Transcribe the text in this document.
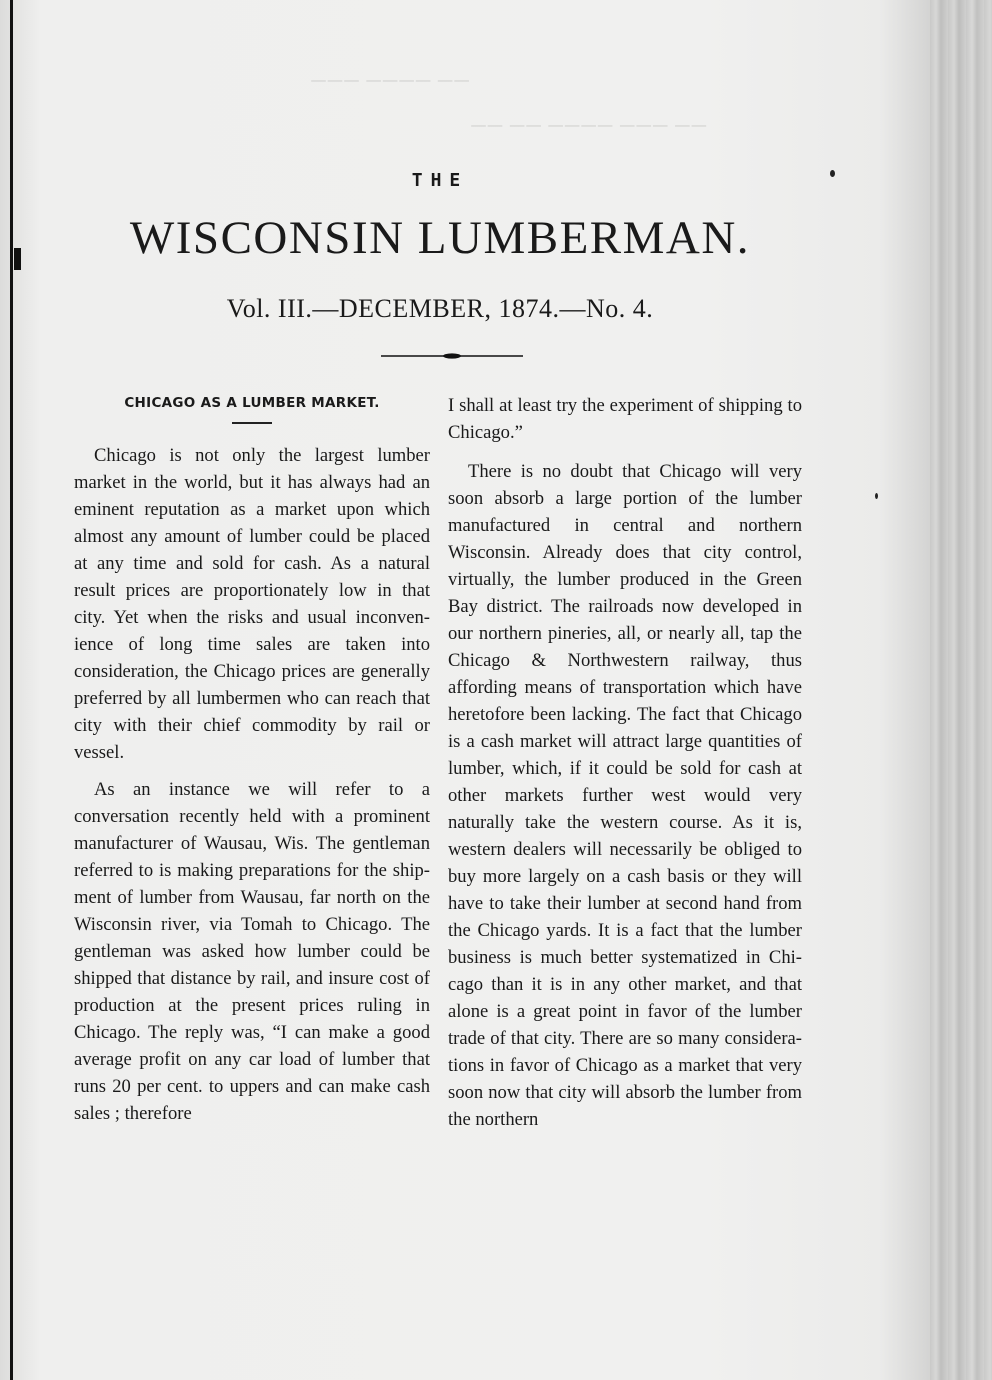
⁠⁠—— ———— ———
—— ——— ———— —— ——
THE
WISCONSIN LUMBERMAN.
Vol. III.—DECEMBER, 1874.—No. 4.
CHICAGO AS A LUMBER MARKET.

Chicago is not only the largest lumber market in the world, but it has always had an eminent reputation as a market upon which almost any amount of lumber could be placed at any time and sold for cash. As a natural result prices are proportionately low in that city. Yet when the risks and usual inconvenience of long time sales are taken into consideration, the Chicago prices are generally preferred by all lumbermen who can reach that city with their chief commodity by rail or vessel.

As an instance we will refer to a conversation recently held with a prominent manufacturer of Wausau, Wis. The gentleman referred to is making preparations for the shipment of lumber from Wausau, far north on the Wisconsin river, via Tomah to Chicago. The gentleman was asked how lumber could be shipped that distance by rail, and insure cost of production at the present prices ruling in Chicago. The reply was, “I can make a good average profit on any car load of lumber that runs 20 per cent. to uppers and can make cash sales ; therefore

I shall at least try the experiment of shipping to Chicago.”

There is no doubt that Chicago will very soon absorb a large portion of the lumber manufactured in central and northern Wisconsin. Already does that city control, virtually, the lumber produced in the Green Bay district. The railroads now developed in our northern pineries, all, or nearly all, tap the Chicago & Northwestern railway, thus affording means of transportation which have heretofore been lacking. The fact that Chicago is a cash market will attract large quantities of lumber, which, if it could be sold for cash at other markets further west would very naturally take the western course. As it is, western dealers will necessarily be obliged to buy more largely on a cash basis or they will have to take their lumber at second hand from the Chicago yards. It is a fact that the lumber business is much better systematized in Chicago than it is in any other market, and that alone is a great point in favor of the lumber trade of that city. There are so many considerations in favor of Chicago as a market that very soon now that city will absorb the lumber from the northern
